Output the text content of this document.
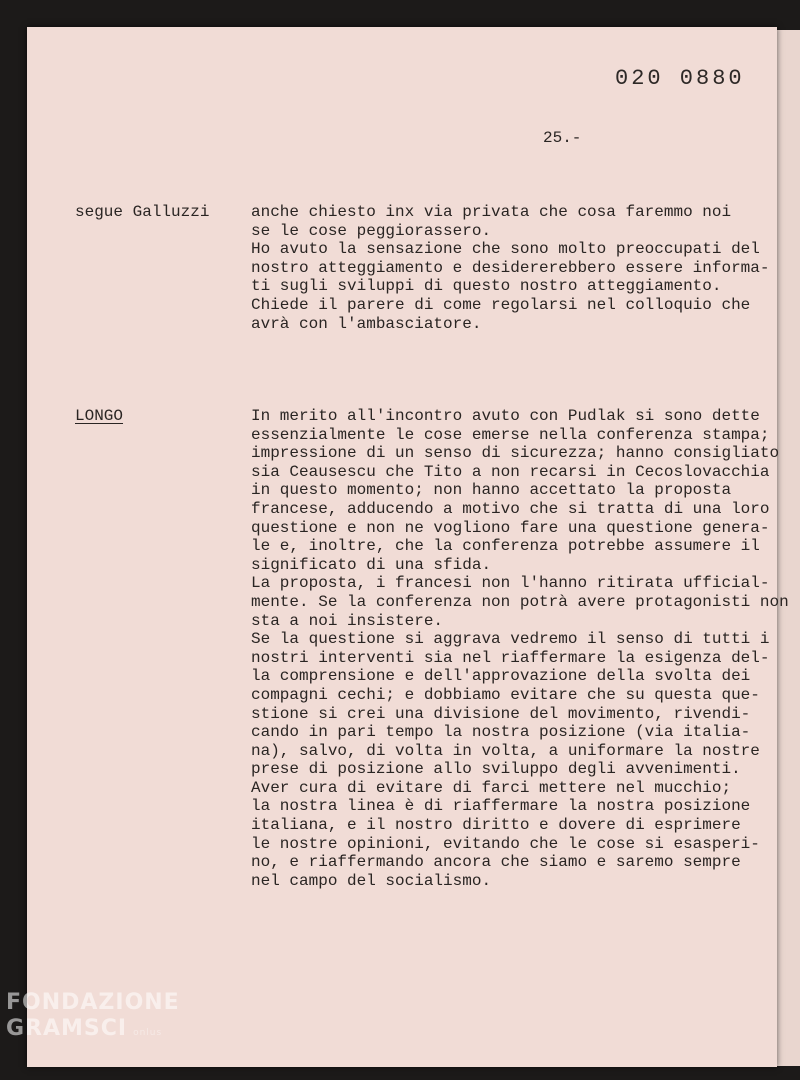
020 0880
25.-
segue Galluzzi	anche chiesto inx via privata che cosa faremmo noi
se le cose peggiorassero.
Ho avuto la sensazione che sono molto preoccupati del
nostro atteggiamento e desidererebbero essere informa-
ti sugli sviluppi di questo nostro atteggiamento.
Chiede il parere di come regolarsi nel colloquio che
avrà con l'ambasciatore.
LONGO	In merito all'incontro avuto con Pudlak si sono dette
essenzialmente le cose emerse nella conferenza stampa;
impressione di un senso di sicurezza; hanno consigliato
sia Ceausescu che Tito a non recarsi in Cecoslovacchia
in questo momento; non hanno accettato la proposta
francese, adducendo a motivo che si tratta di una loro
questione e non ne vogliono fare una questione genera-
le e, inoltre, che la conferenza potrebbe assumere il
significato di una sfida.
La proposta, i francesi non l'hanno ritirata ufficial-
mente. Se la conferenza non potrà avere protagonisti non
sta a noi insistere.
Se la questione si aggrava vedremo il senso di tutti i
nostri interventi sia nel riaffermare la esigenza del-
la comprensione e dell'approvazione della svolta dei
compagni cechi; e dobbiamo evitare che su questa que-
stione si crei una divisione del movimento, rivendi-
cando in pari tempo la nostra posizione (via italia-
na), salvo, di volta in volta, a uniformare la nostre
prese di posizione allo sviluppo degli avvenimenti.
Aver cura di evitare di farci mettere nel mucchio;
la nostra linea è di riaffermare la nostra posizione
italiana, e il nostro diritto e dovere di esprimere
le nostre opinioni, evitando che le cose si esasperi-
no, e riaffermando ancora che siamo e saremo sempre
nel campo del socialismo.
FONDAZIONE
GRAMSCI onlus
